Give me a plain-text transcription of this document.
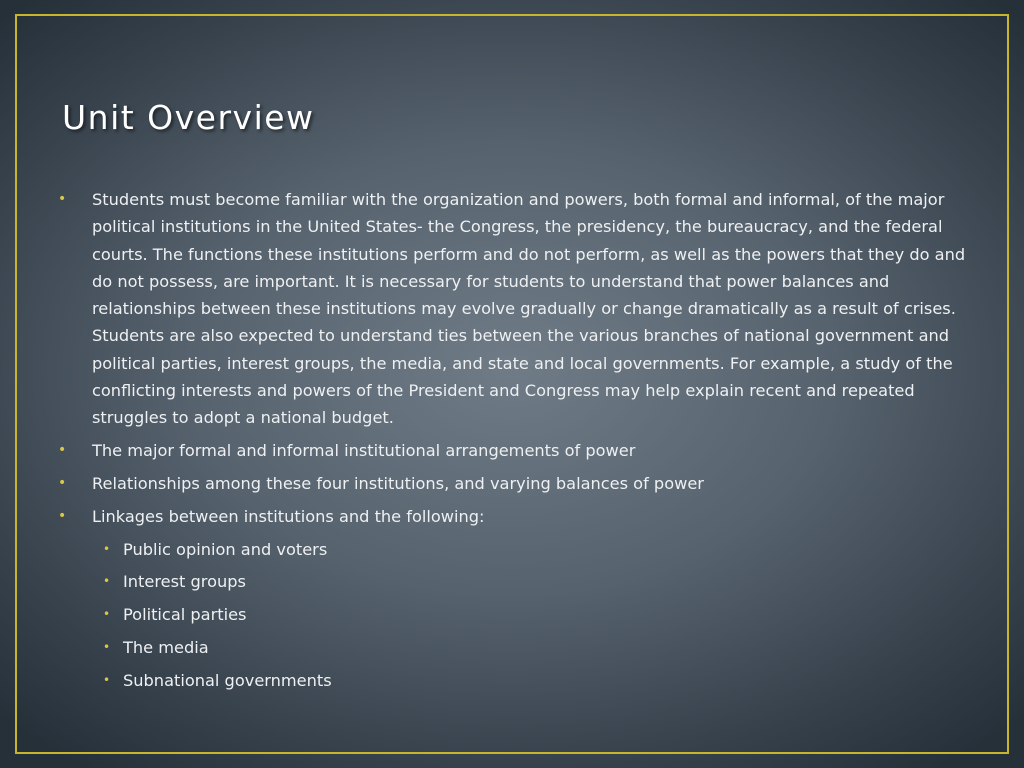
Unit Overview
• Students must become familiar with the organization and powers, both formal and informal, of the major political institutions in the United States- the Congress, the presidency, the bureaucracy, and the federal courts. The functions these institutions perform and do not perform, as well as the powers that they do and do not possess, are important. It is necessary for students to understand that power balances and relationships between these institutions may evolve gradually or change dramatically as a result of crises. Students are also expected to understand ties between the various branches of national government and political parties, interest groups, the media, and state and local governments. For example, a study of the conflicting interests and powers of the President and Congress may help explain recent and repeated struggles to adopt a national budget.
• The major formal and informal institutional arrangements of power
• Relationships among these four institutions, and varying balances of power
• Linkages between institutions and the following:
• Public opinion and voters
• Interest groups
• Political parties
• The media
• Subnational governments
